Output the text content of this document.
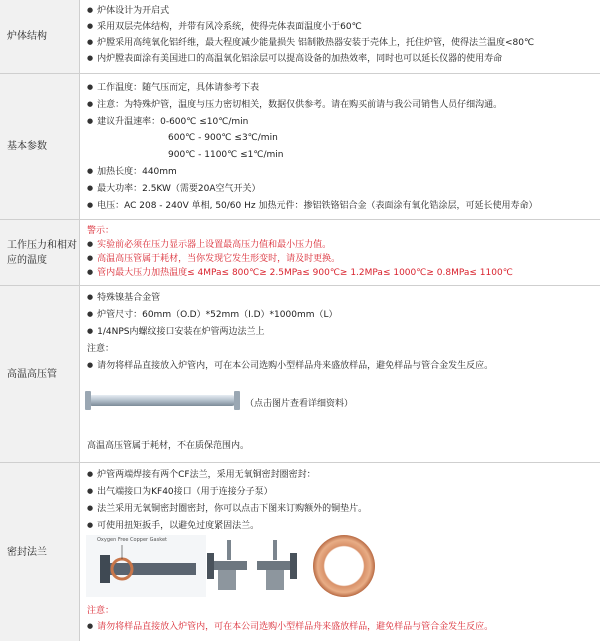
炉体结构
● 炉体设计为开启式
● 采用双层壳体结构，并带有风冷系统，使得壳体表面温度小于60℃
● 炉膛采用高纯氧化铝纤维，最大程度减少能量损失 铝制散热器安装于壳体上，托住炉管，使得法兰温度<80℃
● 内炉膛表面涂有美国进口的高温氧化铝涂层可以提高设备的加热效率，同时也可以延长仪器的使用寿命
基本参数
● 工作温度：随气压而定，具体请参考下表
● 注意：为特殊炉管，温度与压力密切相关，数据仅供参考。请在购买前请与我公司销售人员仔细沟通。
● 建议升温速率：0-600℃ ≤10℃/min
600℃ - 900℃ ≤3℃/min
900℃ - 1100℃ ≤1℃/min
● 加热长度：440mm
● 最大功率：2.5KW（需要20A空气开关）
● 电压：AC 208 - 240V 单相, 50/60 Hz 加热元件：掺铝铁铬铝合金（表面涂有氧化锆涂层，可延长使用寿命）
工作压力和相对应的温度
警示：
● 实验前必须在压力显示器上设置最高压力值和最小压力值。
● 高温高压管属于耗材，当你发现它发生形变时，请及时更换。
● 管内最大压力加热温度≤ 4MPa≤ 800℃≥ 2.5MPa≤ 900℃≥ 1.2MPa≤ 1000℃≥ 0.8MPa≤ 1100℃
高温高压管
● 特殊镍基合金管
● 炉管尺寸：60mm（O.D）*52mm（I.D）*1000mm（L）
● 1/4NPS内螺纹接口安装在炉管两边法兰上
注意：
● 请勿将样品直接放入炉管内，可在本公司选购小型样品舟来盛放样品，避免样品与管合金发生反应。
（点击图片查看详细资料）
高温高压管属于耗材，不在质保范围内。
密封法兰
● 炉管两端焊接有两个CF法兰，采用无氧铜密封圈密封：
● 出气端接口为KF40接口（用于连接分子泵）
● 法兰采用无氧铜密封圈密封，你可以点击下图来订购额外的铜垫片。
● 可使用扭矩扳手，以避免过度紧固法兰。
Oxygen Free Copper Gasket
注意：
● 请勿将样品直接放入炉管内，可在本公司选购小型样品舟来盛放样品，避免样品与管合金发生反应。
